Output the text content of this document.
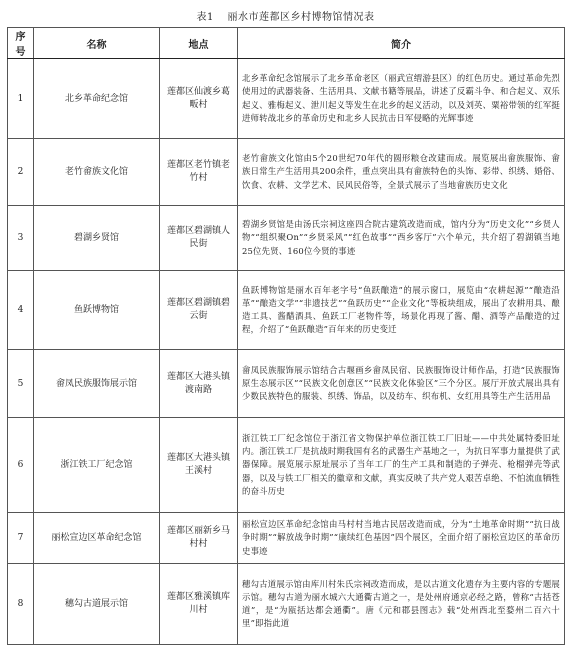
表1 丽水市莲都区乡村博物馆情况表
序号	名称	地点	简介
1	北乡革命纪念馆	莲都区仙渡乡葛畈村	北乡革命纪念馆展示了北乡革命老区（丽武宣缙游县区）的红色历史。通过革命先烈使用过的武器装备、生活用具、文献书籍等展品，讲述了反霸斗争、和合起义、双乐起义、雅梅起义、泄川起义等发生在北乡的起义活动，以及刘英、粟裕带领的红军挺进师转战北乡的革命历史和北乡人民抗击日军侵略的光辉事迹
2	老竹畲族文化馆	莲都区老竹镇老竹村	老竹畲族文化馆由5个20世纪70年代的圆形粮仓改建而成。展览展出畲族服饰、畲族日常生产生活用具200余件，重点突出具有畲族特色的头饰、彩带、织绣、婚俗、饮食、农耕、文学艺术、民风民俗等，全景式展示了当地畲族历史文化
3	碧湖乡贤馆	莲都区碧湖镇人民街	碧湖乡贤馆是由汤氏宗祠这座四合院古建筑改造而成，馆内分为“历史文化”“乡贤人物”“组织聚On”“乡贤采风”“红色故事”“西乡客厅”六个单元，共介绍了碧湖镇当地25位先贤、160位今贤的事迹
4	鱼跃博物馆	莲都区碧湖镇碧云街	鱼跃博物馆是丽水百年老字号“鱼跃酿造”的展示窗口，展览由“农耕起源”“酿造沿革”“酿造文学”“非遗技艺”“鱼跃历史”“企业文化”等板块组成，展出了农耕用具、酿造工具、酱醋酒具、鱼跃工厂老物件等，场景化再现了酱、醋、酒等产品酿造的过程，介绍了“鱼跃酿造”百年来的历史变迁
5	畲凤民族服饰展示馆	莲都区大港头镇渡南路	畲凤民族服饰展示馆结合古堰画乡畲凤民宿、民族服饰设计师作品，打造“民族服饰原生态展示区”“民族文化创意区”“民族文化体验区”三个分区。展厅开放式展出具有少数民族特色的服装、织绣、饰品，以及纺车、织布机、女红用具等生产生活用品
6	浙江铁工厂纪念馆	莲都区大港头镇王溪村	浙江铁工厂纪念馆位于浙江省文物保护单位浙江铁工厂旧址——中共处属特委旧址内。浙江铁工厂是抗战时期我国有名的武器生产基地之一，为抗日军事力量提供了武器保障。展览展示原址展示了当年工厂的生产工具和制造的子弹壳、枪榴弹壳等武器，以及与铁工厂相关的徽章和文献，真实反映了共产党人艰苦卓绝、不怕流血牺牲的奋斗历史
7	丽松宣边区革命纪念馆	莲都区丽新乡马村村	丽松宣边区革命纪念馆由马村村当地古民居改造而成，分为“土地革命时期”“抗日战争时期”“解放战争时期”“康续红色基因”四个展区，全面介绍了丽松宣边区的革命历史事迹
8	穗勾古道展示馆	莲都区雅溪镇库川村	穗勾古道展示馆由库川村朱氏宗祠改造而成，是以古道文化遗存为主要内容的专题展示馆。穗勾古道为丽水城六大通衢古道之一，是处州府通京必经之路，曾称“古括苍道”，是“为瓯括达都会通衢”。唐《元和郡县图志》载“处州西北至婺州二百六十里”即指此道
